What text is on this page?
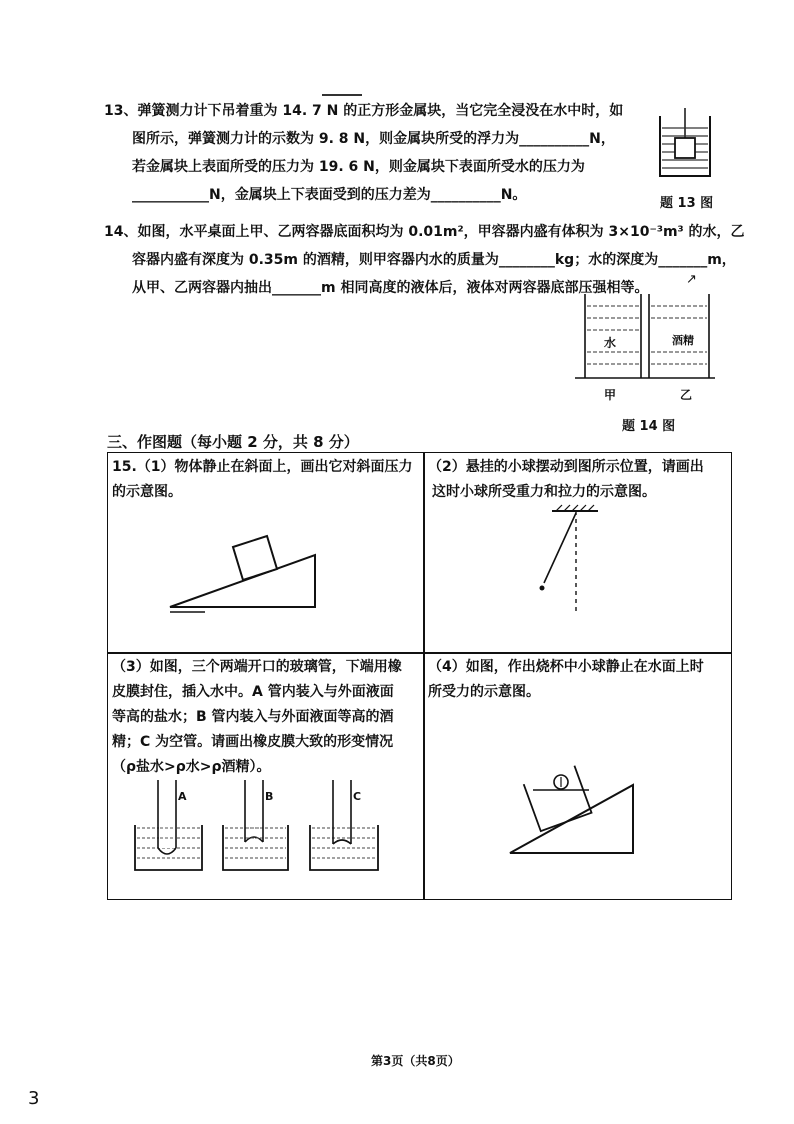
13、弹簧测力计下吊着重为 14. 7 N 的正方形金属块，当它完全浸没在水中时，如
图所示，弹簧测力计的示数为 9. 8 N，则金属块所受的浮力为__________N，
若金属块上表面所受的压力为 19. 6 N，则金属块下表面所受水的压力为
___________N，金属块上下表面受到的压力差为__________N。
题 13 图
14、如图，水平桌面上甲、乙两容器底面积均为 0.01m²，甲容器内盛有体积为 3×10⁻³m³ 的水，乙
容器内盛有深度为 0.35m 的酒精，则甲容器内水的质量为________kg；水的深度为_______m，
从甲、乙两容器内抽出_______m 相同高度的液体后，液体对两容器底部压强相等。
↗
水	酒精
甲	乙
题 14 图
三、作图题（每小题 2 分，共 8 分）
15.（1）物体静止在斜面上，画出它对斜面压力
的示意图。
（2）悬挂的小球摆动到图所示位置，请画出
这时小球所受重力和拉力的示意图。
（3）如图，三个两端开口的玻璃管，下端用橡
皮膜封住，插入水中。A 管内装入与外面液面
等高的盐水；B 管内装入与外面液面等高的酒
精；C 为空管。请画出橡皮膜大致的形变情况
（ρ盐水>ρ水>ρ酒精）。
A	B	C
（4）如图，作出烧杯中小球静止在水面上时
所受力的示意图。
第3页（共8页）
3
